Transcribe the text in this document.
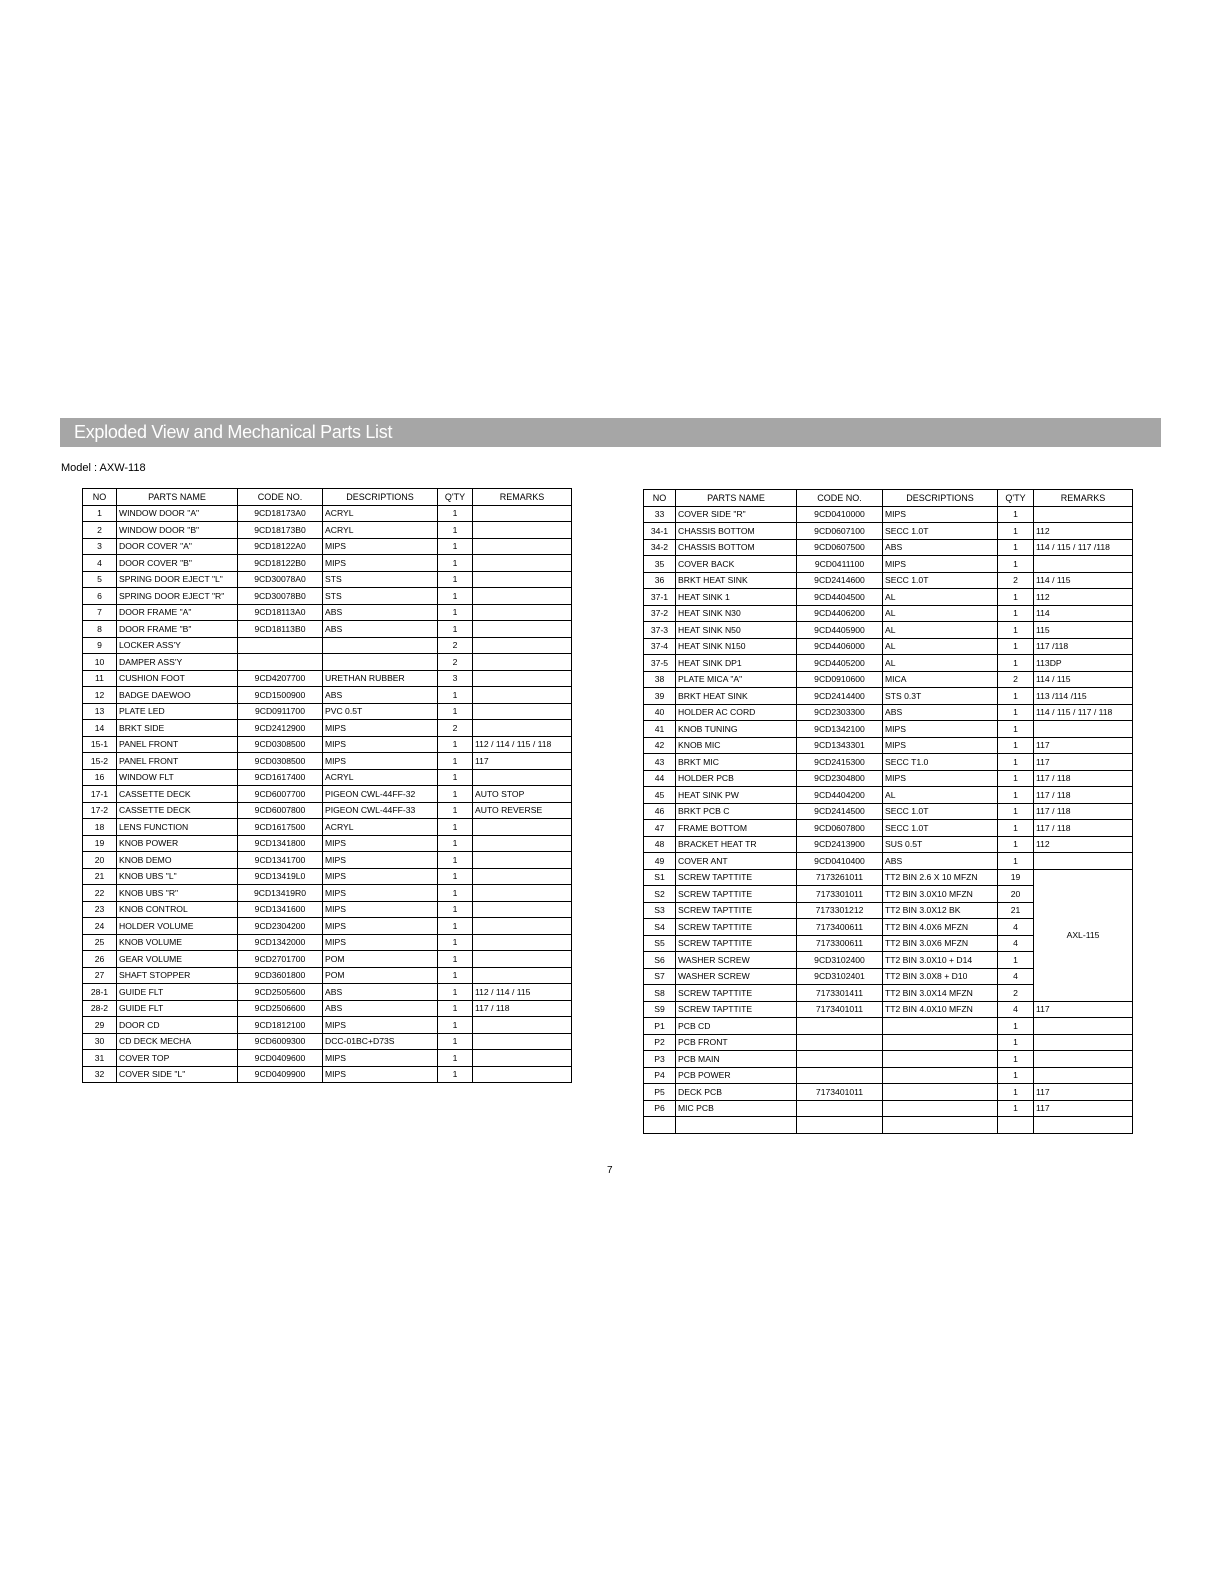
Exploded View and Mechanical Parts List
Model : AXW-118
NO	PARTS NAME	CODE NO.	DESCRIPTIONS	Q'TY	REMARKS
1	WINDOW DOOR "A"	9CD18173A0	ACRYL	1	
2	WINDOW DOOR "B"	9CD18173B0	ACRYL	1	
3	DOOR COVER "A"	9CD18122A0	MIPS	1	
4	DOOR COVER "B"	9CD18122B0	MIPS	1	
5	SPRING DOOR EJECT "L"	9CD30078A0	STS	1	
6	SPRING DOOR EJECT "R"	9CD30078B0	STS	1	
7	DOOR FRAME "A"	9CD18113A0	ABS	1	
8	DOOR FRAME "B"	9CD18113B0	ABS	1	
9	LOCKER ASS'Y			2	
10	DAMPER ASS'Y			2	
11	CUSHION FOOT	9CD4207700	URETHAN RUBBER	3	
12	BADGE DAEWOO	9CD1500900	ABS	1	
13	PLATE LED	9CD0911700	PVC 0.5T	1	
14	BRKT SIDE	9CD2412900	MIPS	2	
15-1	PANEL FRONT	9CD0308500	MIPS	1	112 / 114 / 115 / 118
15-2	PANEL FRONT	9CD0308500	MIPS	1	117
16	WINDOW FLT	9CD1617400	ACRYL	1	
17-1	CASSETTE DECK	9CD6007700	PIGEON CWL-44FF-32	1	AUTO STOP
17-2	CASSETTE DECK	9CD6007800	PIGEON CWL-44FF-33	1	AUTO REVERSE
18	LENS FUNCTION	9CD1617500	ACRYL	1	
19	KNOB POWER	9CD1341800	MIPS	1	
20	KNOB DEMO	9CD1341700	MIPS	1	
21	KNOB UBS "L"	9CD13419L0	MIPS	1	
22	KNOB UBS "R"	9CD13419R0	MIPS	1	
23	KNOB CONTROL	9CD1341600	MIPS	1	
24	HOLDER VOLUME	9CD2304200	MIPS	1	
25	KNOB VOLUME	9CD1342000	MIPS	1	
26	GEAR VOLUME	9CD2701700	POM	1	
27	SHAFT STOPPER	9CD3601800	POM	1	
28-1	GUIDE FLT	9CD2505600	ABS	1	112 / 114 / 115
28-2	GUIDE FLT	9CD2506600	ABS	1	117 / 118
29	DOOR CD	9CD1812100	MIPS	1	
30	CD DECK MECHA	9CD6009300	DCC-01BC+D73S	1	
31	COVER TOP	9CD0409600	MIPS	1	
32	COVER SIDE "L"	9CD0409900	MIPS	1	
NO	PARTS NAME	CODE NO.	DESCRIPTIONS	Q'TY	REMARKS
33	COVER SIDE "R"	9CD0410000	MIPS	1	
34-1	CHASSIS BOTTOM	9CD0607100	SECC 1.0T	1	112
34-2	CHASSIS BOTTOM	9CD0607500	ABS	1	114 / 115 / 117 /118
35	COVER BACK	9CD0411100	MIPS	1	
36	BRKT HEAT SINK	9CD2414600	SECC 1.0T	2	114 / 115
37-1	HEAT SINK 1	9CD4404500	AL	1	112
37-2	HEAT SINK N30	9CD4406200	AL	1	114
37-3	HEAT SINK N50	9CD4405900	AL	1	115
37-4	HEAT SINK N150	9CD4406000	AL	1	117 /118
37-5	HEAT SINK DP1	9CD4405200	AL	1	113DP
38	PLATE MICA "A"	9CD0910600	MICA	2	114 / 115
39	BRKT HEAT SINK	9CD2414400	STS 0.3T	1	113 /114 /115
40	HOLDER AC CORD	9CD2303300	ABS	1	114 / 115 / 117 / 118
41	KNOB TUNING	9CD1342100	MIPS	1	
42	KNOB MIC	9CD1343301	MIPS	1	117
43	BRKT MIC	9CD2415300	SECC T1.0	1	117
44	HOLDER PCB	9CD2304800	MIPS	1	117 / 118
45	HEAT SINK PW	9CD4404200	AL	1	117 / 118
46	BRKT PCB C	9CD2414500	SECC 1.0T	1	117 / 118
47	FRAME BOTTOM	9CD0607800	SECC 1.0T	1	117 / 118
48	BRACKET HEAT TR	9CD2413900	SUS 0.5T	1	112
49	COVER ANT	9CD0410400	ABS	1	
S1	SCREW TAPTTITE	7173261011	TT2 BIN 2.6 X 10 MFZN	19	AXL-115
S2	SCREW TAPTTITE	7173301011	TT2 BIN 3.0X10 MFZN	20	
S3	SCREW TAPTTITE	7173301212	TT2 BIN 3.0X12 BK	21	
S4	SCREW TAPTTITE	7173400611	TT2 BIN 4.0X6 MFZN	4	
S5	SCREW TAPTTITE	7173300611	TT2 BIN 3.0X6 MFZN	4	
S6	WASHER SCREW	9CD3102400	TT2 BIN 3.0X10 + D14	1	
S7	WASHER SCREW	9CD3102401	TT2 BIN 3.0X8 + D10	4	
S8	SCREW TAPTTITE	7173301411	TT2 BIN 3.0X14 MFZN	2	
S9	SCREW TAPTTITE	7173401011	TT2 BIN 4.0X10 MFZN	4	117
P1	PCB CD			1	
P2	PCB FRONT			1	
P3	PCB MAIN			1	
P4	PCB POWER			1	
P5	DECK PCB	7173401011		1	117
P6	MIC PCB			1	117

7
